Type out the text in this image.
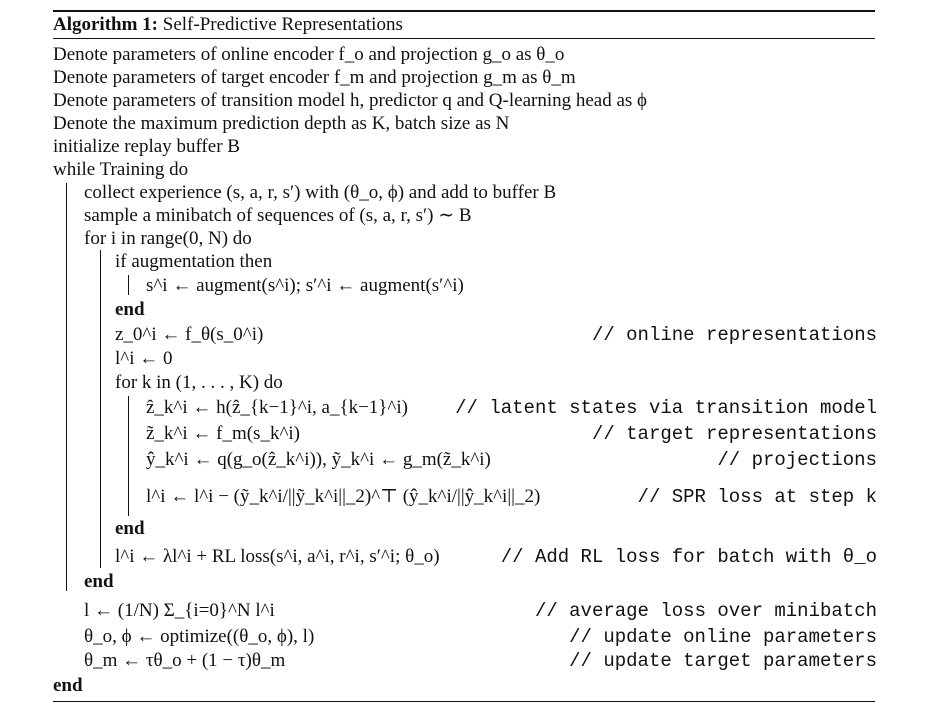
Algorithm 1: Self-Predictive Representations
Denote parameters of online encoder f_o and projection g_o as θ_o
Denote parameters of target encoder f_m and projection g_m as θ_m
Denote parameters of transition model h, predictor q and Q-learning head as ϕ
Denote the maximum prediction depth as K, batch size as N
initialize replay buffer B
while Training do
collect experience (s, a, r, s′) with (θ_o, ϕ) and add to buffer B
sample a minibatch of sequences of (s, a, r, s′) ∼ B
for i in range(0, N) do
if augmentation then
s^i ← augment(s^i); s′^i ← augment(s′^i)
end
z_0^i ← f_θ(s_0^i)	// online representations
l^i ← 0
for k in (1, . . . , K) do
ẑ_k^i ← h(ẑ_{k−1}^i, a_{k−1}^i) // latent states via transition model
z̃_k^i ← f_m(s_k^i)	// target representations
ŷ_k^i ← q(g_o(ẑ_k^i)), ỹ_k^i ← g_m(z̃_k^i)	// projections
l^i ← l^i − (ỹ_k^i/||ỹ_k^i||_2)^⊤ (ŷ_k^i/||ŷ_k^i||_2)	// SPR loss at step k
end
l^i ← λl^i + RL loss(s^i, a^i, r^i, s′^i; θ_o)	// Add RL loss for batch with θ_o
end
l ← (1/N) Σ_{i=0}^N l^i	// average loss over minibatch
θ_o, ϕ ← optimize((θ_o, ϕ), l)	// update online parameters
θ_m ← τθ_o + (1 − τ)θ_m	// update target parameters
end
